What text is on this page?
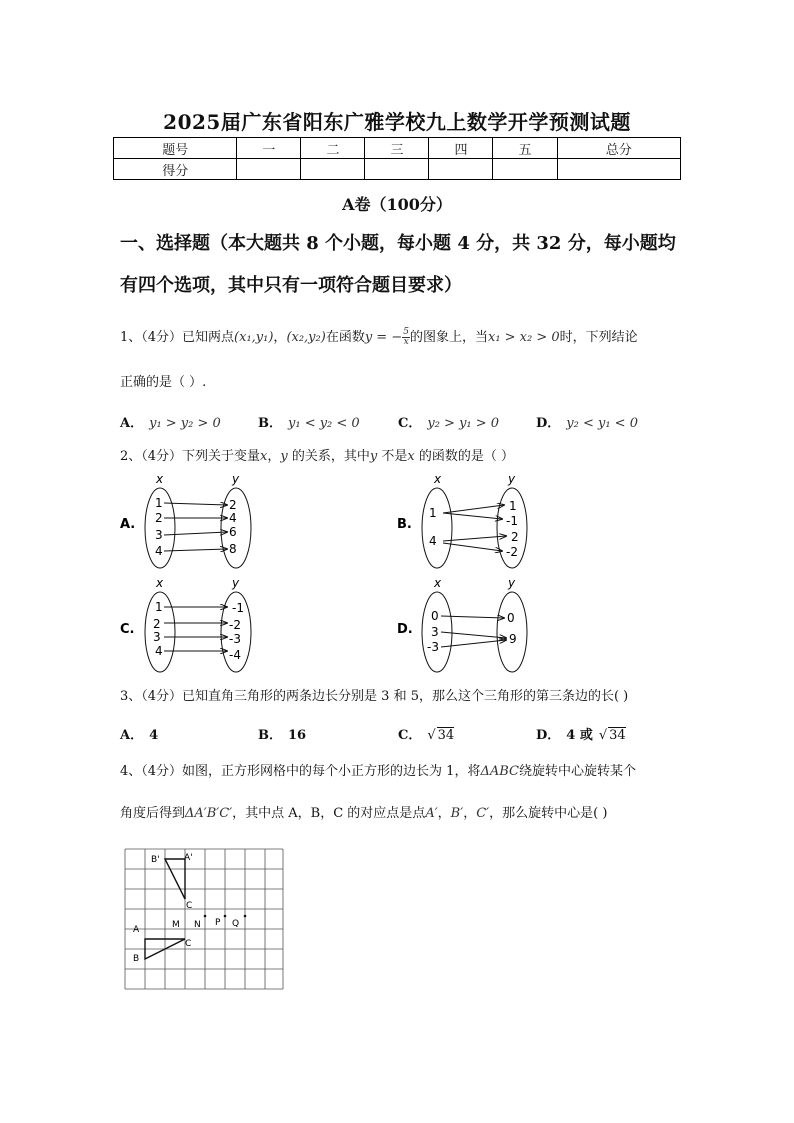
2025届广东省阳东广雅学校九上数学开学预测试题
题号	一	二	三	四	五	总分
得分						
A卷（100分）
一、选择题（本大题共 8 个小题，每小题 4 分，共 32 分，每小题均
有四个选项，其中只有一项符合题目要求）
1、（4分）已知两点(x₁,y₁)，(x₂,y₂)在函数y = − $\frac{5}{x}$ 的图象上，当x₁ > x₂ > 0时，下列结论
正确的是（ ）.
A． y₁ > y₂ > 0	B． y₁ < y₂ < 0	C． y₂ > y₁ > 0	D． y₂ < y₁ < 0
2、（4分）下列关于变量x，y 的关系，其中y 不是x 的函数的是（ ）
A.
x	y
1
2
3
4
2
4
6
8
B.
x	y
1
4
1
-1
2
-2
C.
x	y
1
2
3
4
-1
-2
-3
-4
D.
x	y
0
3
-3
0
9
3、（4分）已知直角三角形的两条边长分别是 3 和 5，那么这个三角形的第三条边的长( )
A． 4	B． 16	C． √ 34	D． 4 或 √ 34
4、（4分）如图，正方形网格中的每个小正方形的边长为 1，将ΔABC绕旋转中心旋转某个
角度后得到ΔA′B′C′，其中点 A，B，C 的对应点是点A′，B′，C′，那么旋转中心是( )
B'	A'
C
A
B
C
M N P Q
